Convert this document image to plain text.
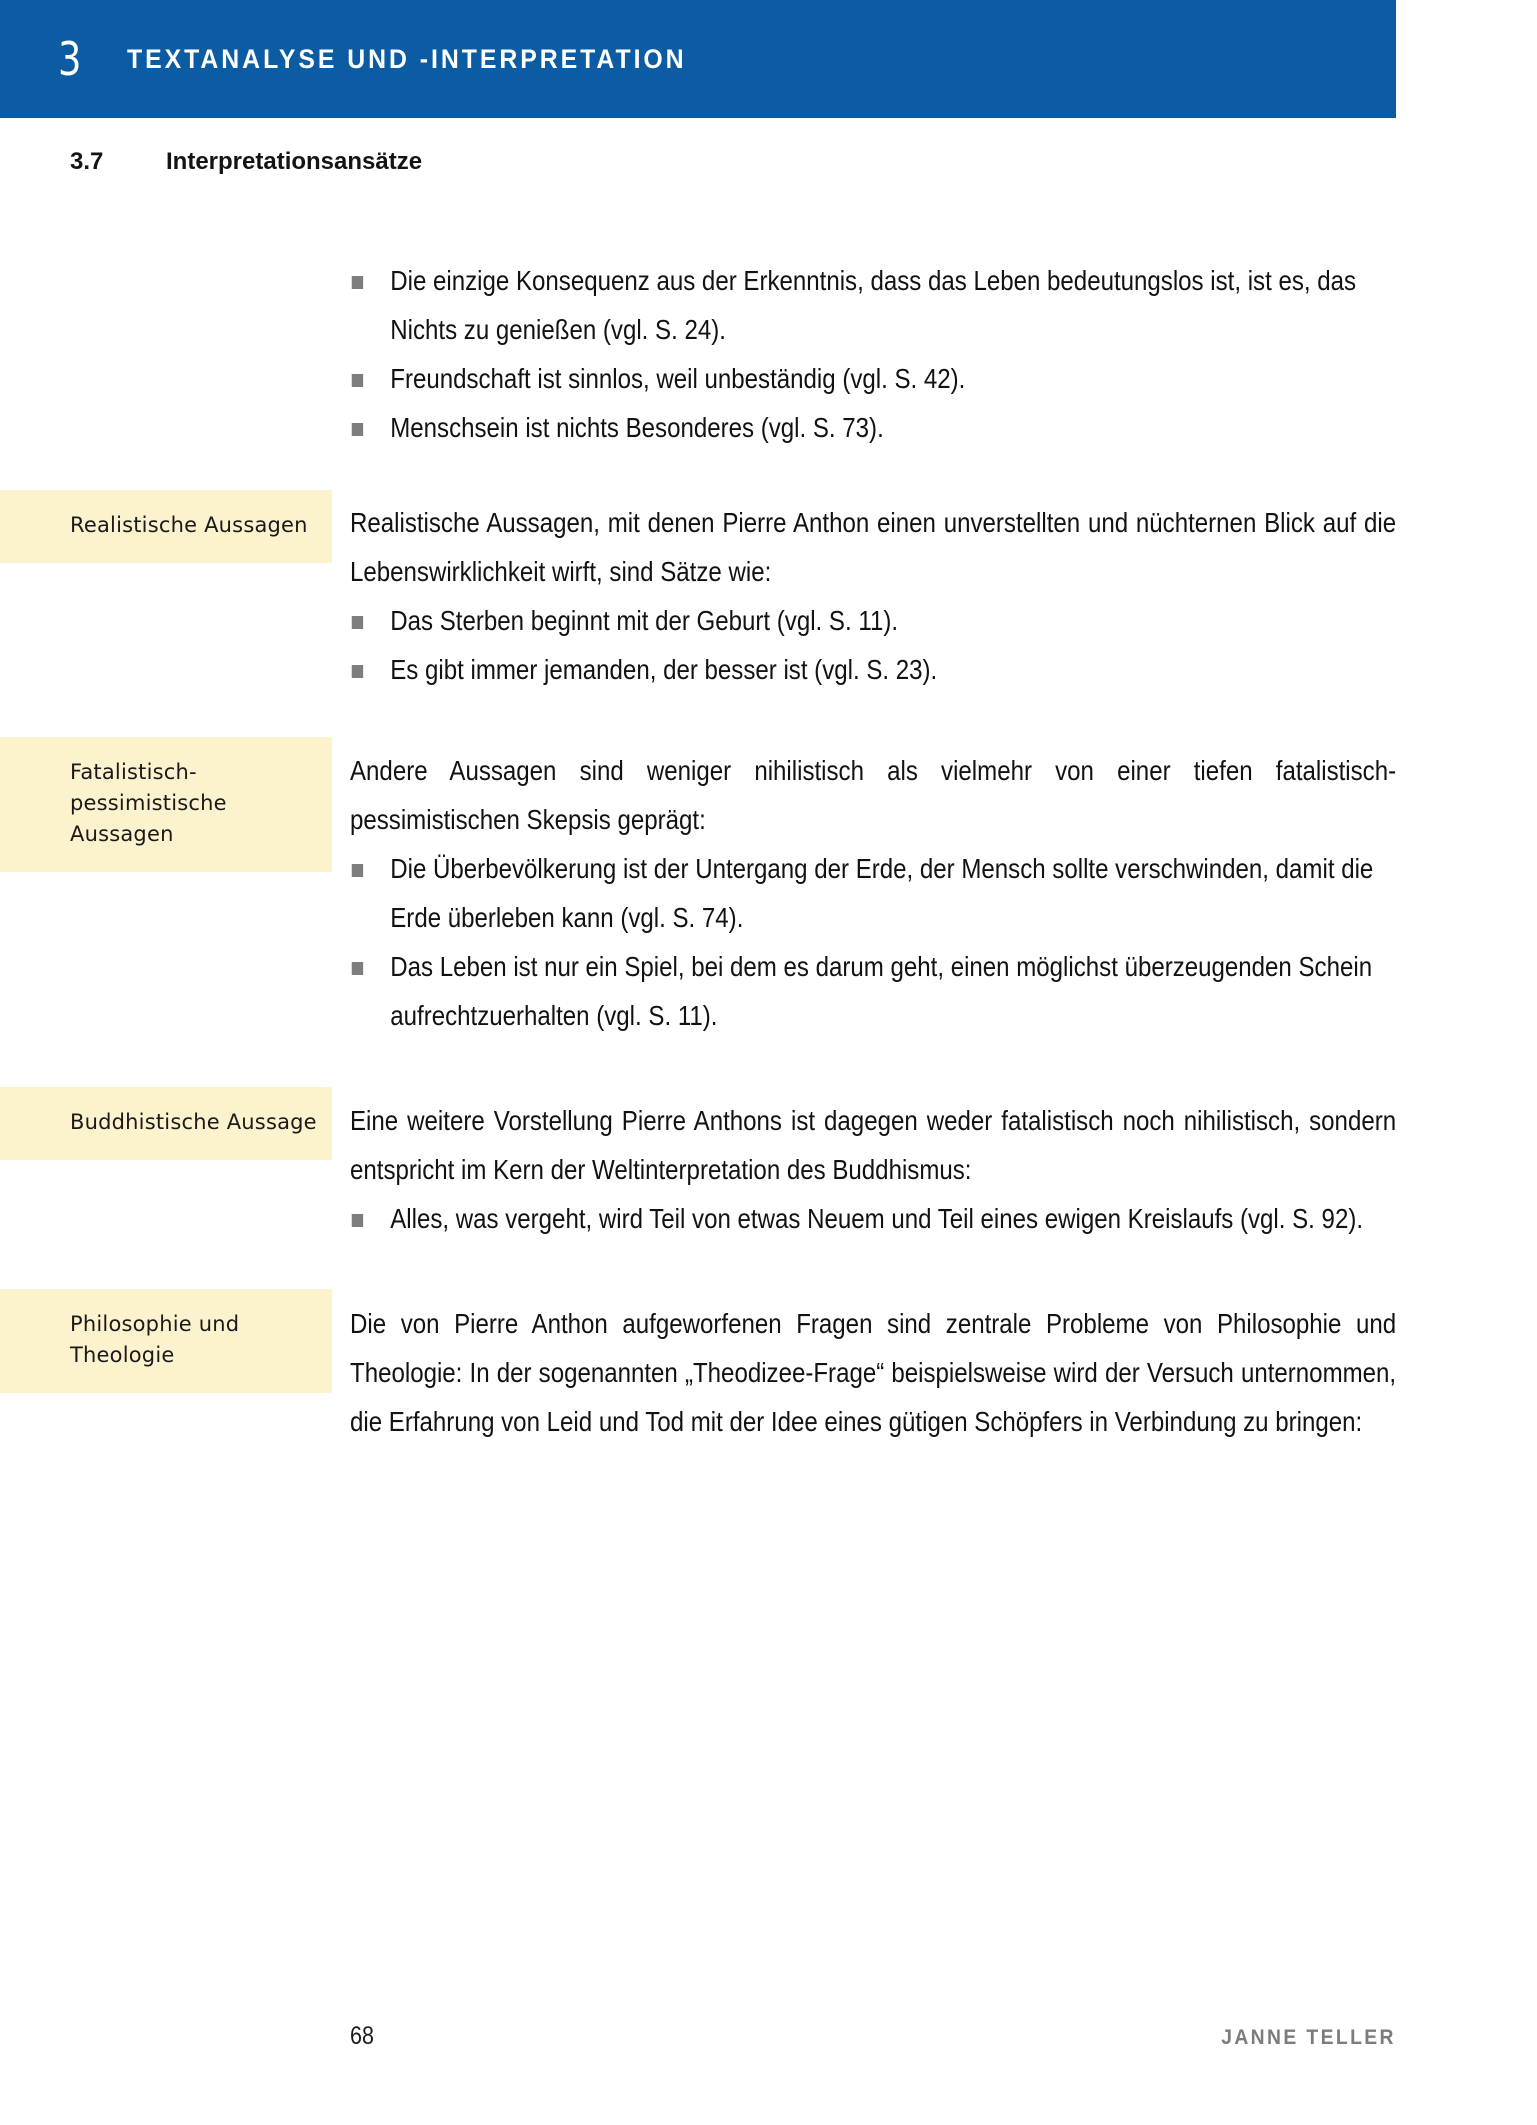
3 TEXTANALYSE UND -INTERPRETATION
3.7	Interpretationsansätze
Die einzige Konsequenz aus der Erkenntnis, dass das Leben bedeutungslos ist, ist es, das Nichts zu genießen (vgl. S. 24).
Freundschaft ist sinnlos, weil unbeständig (vgl. S. 42).
Menschsein ist nichts Besonderes (vgl. S. 73).
Realistische Aussagen	Realistische Aussagen, mit denen Pierre Anthon einen unverstellten und nüchternen Blick auf die Lebenswirklichkeit wirft, sind Sätze wie:

Das Sterben beginnt mit der Geburt (vgl. S. 11).
Es gibt immer jemanden, der besser ist (vgl. S. 23).
Fatalistisch-pessimistische Aussagen

Andere Aussagen sind weniger nihilistisch als vielmehr von einer tiefen fatalistisch-pessimistischen Skepsis geprägt:

Die Überbevölkerung ist der Untergang der Erde, der Mensch sollte verschwinden, damit die Erde überleben kann (vgl. S. 74).
Das Leben ist nur ein Spiel, bei dem es darum geht, einen möglichst überzeugenden Schein aufrechtzuerhalten (vgl. S. 11).
Buddhistische Aussage	Eine weitere Vorstellung Pierre Anthons ist dagegen weder fatalistisch noch nihilistisch, sondern entspricht im Kern der Weltinterpretation des Buddhismus:

Alles, was vergeht, wird Teil von etwas Neuem und Teil eines ewigen Kreislaufs (vgl. S. 92).
Philosophie und Theologie

Die von Pierre Anthon aufgeworfenen Fragen sind zentrale Probleme von Philosophie und Theologie: In der sogenannten „Theodizee-Frage“ beispielsweise wird der Versuch unternommen, die Erfahrung von Leid und Tod mit der Idee eines gütigen Schöpfers in Verbindung zu bringen:

68	JANNE TELLER
